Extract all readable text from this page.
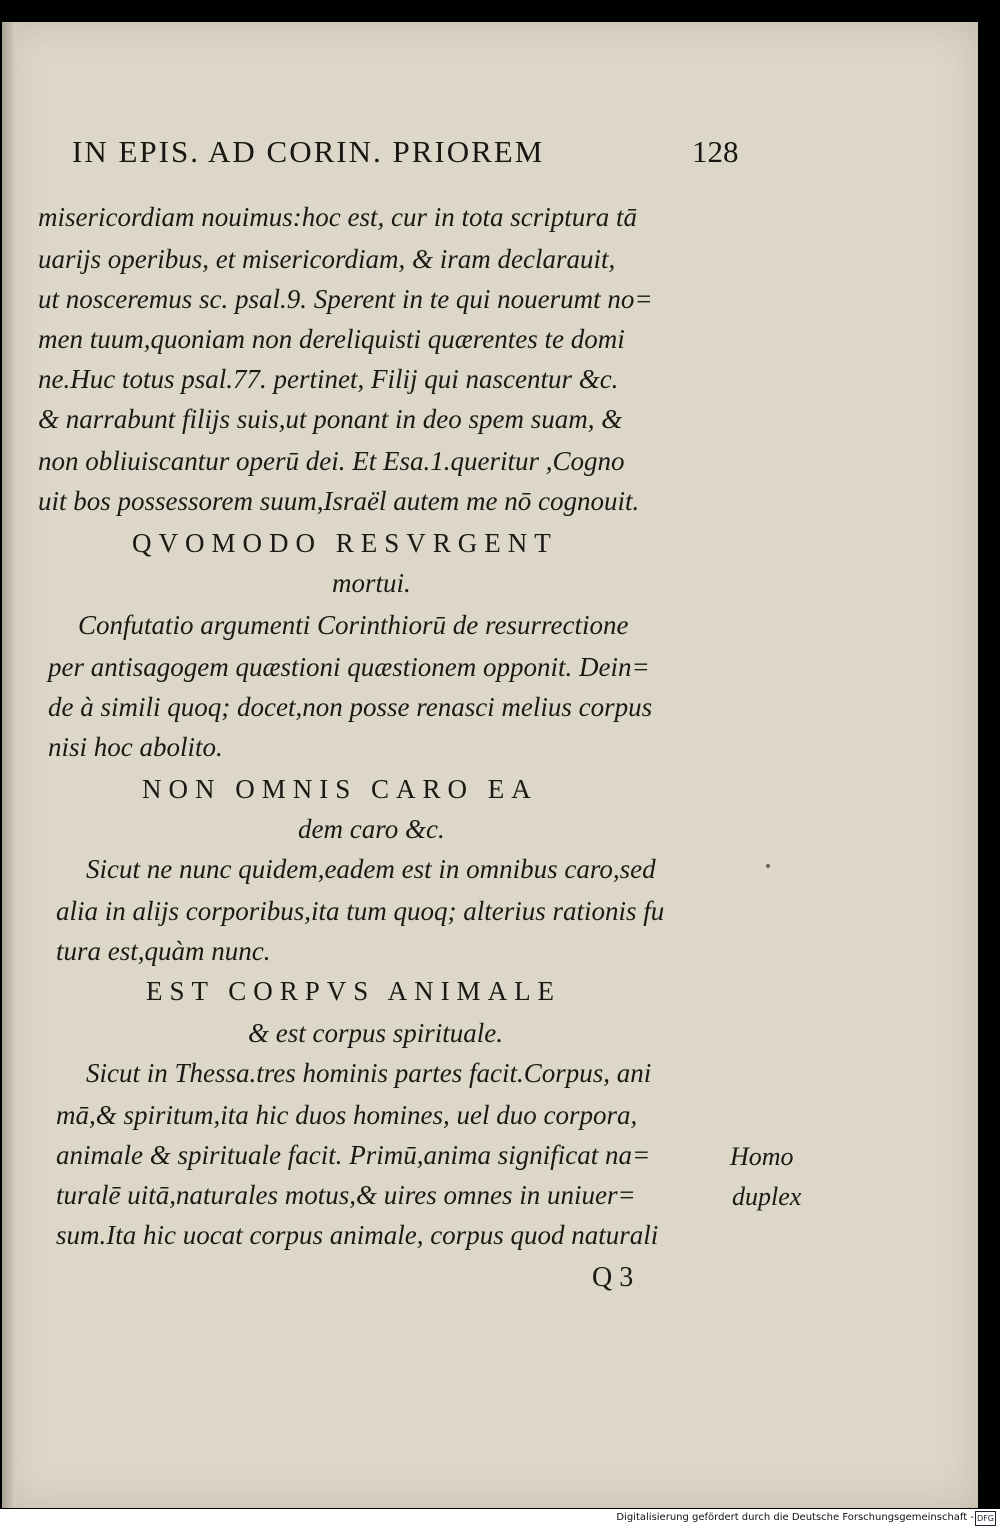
IN EPIS. AD CORIN. PRIOREM	128
misericordiam nouimus:hoc est, cur in tota scriptura tā
uarijs operibus, et misericordiam, & iram declarauit,
ut nosceremus sc. psal.9. Sperent in te qui nouerumt no=
men tuum,quoniam non dereliquisti quærentes te domi
ne.Huc totus psal.77. pertinet, Filij qui nascentur &c.
& narrabunt filijs suis,ut ponant in deo spem suam, &
non obliuiscantur operū dei. Et Esa.1.queritur ,Cogno
uit bos possessorem suum,Israël autem me nō cognouit.
QVOMODO RESVRGENT
mortui.
Confutatio argumenti Corinthiorū de resurrectione
per antisagogem quæstioni quæstionem opponit. Dein=
de à simili quoq; docet,non posse renasci melius corpus
nisi hoc abolito.
NON OMNIS CARO EA
dem caro &c.
Sicut ne nunc quidem,eadem est in omnibus caro,sed
alia in alijs corporibus,ita tum quoq; alterius rationis fu
tura est,quàm nunc.
EST CORPVS ANIMALE
& est corpus spirituale.
Sicut in Thessa.tres hominis partes facit.Corpus, ani
mā,& spiritum,ita hic duos homines, uel duo corpora,
animale & spirituale facit. Primū,anima significat na=
turalē uitā,naturales motus,& uires omnes in uniuer=
sum.Ita hic uocat corpus animale, corpus quod naturali
Homo
duplex
Q 3
Digitalisierung gefördert durch die Deutsche Forschungsgemeinschaft - DFG
